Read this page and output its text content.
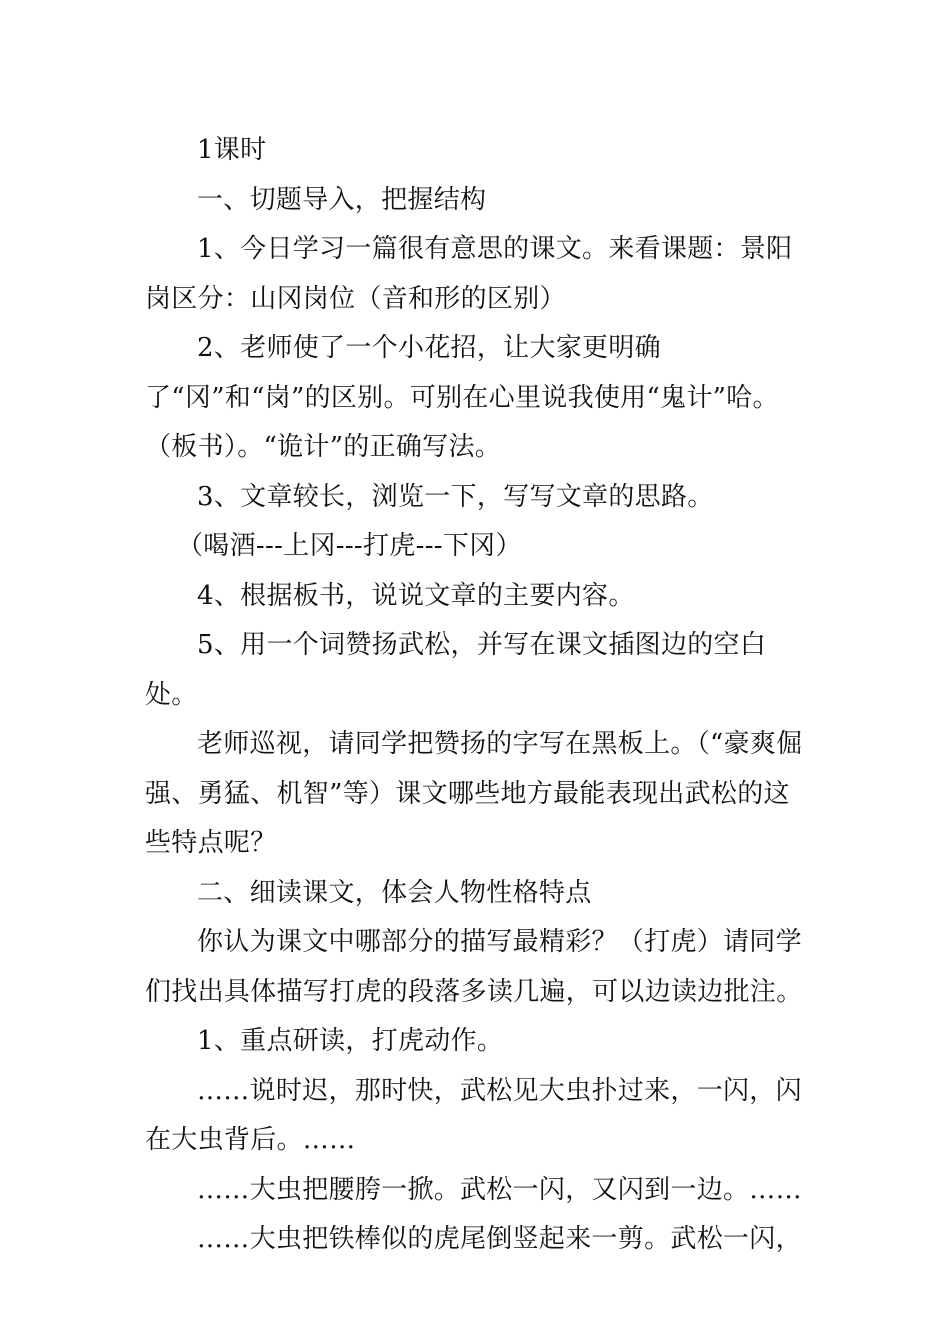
1课时

一、切题导入，把握结构

1、今日学习一篇很有意思的课文。来看课题：景阳岗区分：山冈岗位（音和形的区别）

2、老师使了一个小花招，让大家更明确了“冈”和“岗”的区别。可别在心里说我使用“鬼计”哈。（板书）。“诡计”的正确写法。

3、文章较长，浏览一下，写写文章的思路。

（喝酒---上冈---打虎---下冈）

4、根据板书，说说文章的主要内容。

5、用一个词赞扬武松，并写在课文插图边的空白处。

老师巡视，请同学把赞扬的字写在黑板上。（“豪爽倔强、勇猛、机智”等）课文哪些地方最能表现出武松的这些特点呢？

二、细读课文，体会人物性格特点

你认为课文中哪部分的描写最精彩？（打虎）请同学们找出具体描写打虎的段落多读几遍，可以边读边批注。

1、重点研读，打虎动作。

……说时迟，那时快，武松见大虫扑过来，一闪，闪在大虫背后。……

……大虫把腰胯一掀。武松一闪，又闪到一边。……

……大虫把铁棒似的虎尾倒竖起来一剪。武松一闪，
